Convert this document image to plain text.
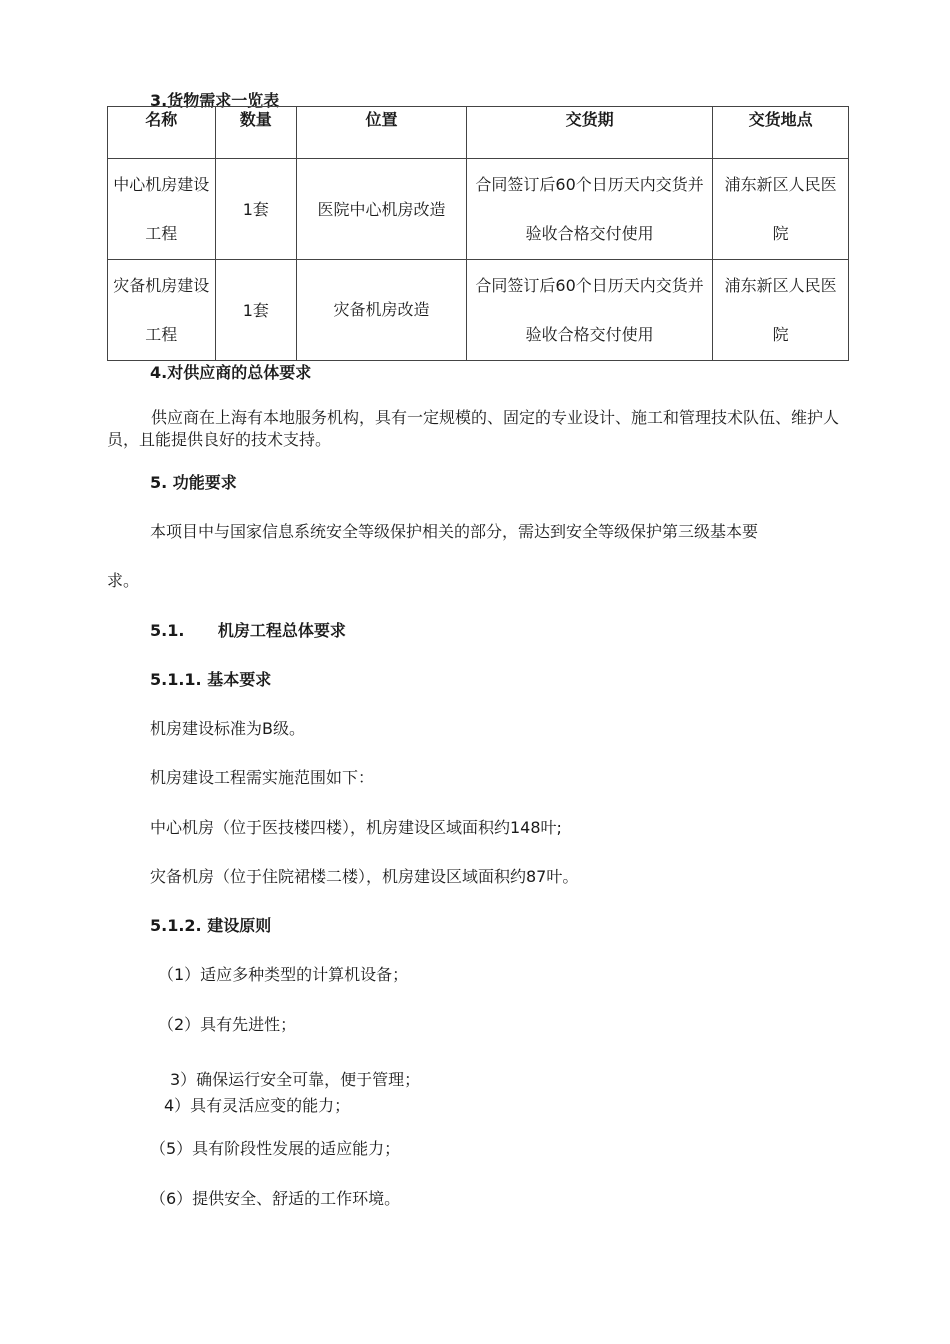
3.货物需求一览表
名称	数量	位置	交货期	交货地点
中心机房建设工程	1套	医院中心机房改造	合同签订后60个日历天内交货并验收合格交付使用	浦东新区人民医院
灾备机房建设工程	1套	灾备机房改造	合同签订后60个日历天内交货并验收合格交付使用	浦东新区人民医院
4.对供应商的总体要求
供应商在上海有本地服务机构，具有一定规模的、固定的专业设计、施工和管理技术队伍、维护人员，且能提供良好的技术支持。
5. 功能要求
本项目中与国家信息系统安全等级保护相关的部分，需达到安全等级保护第三级基本要
求。
5.1.      机房工程总体要求
5.1.1. 基本要求
机房建设标准为B级。
机房建设工程需实施范围如下：
中心机房（位于医技楼四楼），机房建设区域面积约148叶;
灾备机房（位于住院裙楼二楼），机房建设区域面积约87叶。
5.1.2. 建设原则
（1）适应多种类型的计算机设备；
（2）具有先进性；
3）确保运行安全可靠，便于管理；
4）具有灵活应变的能力；
（5）具有阶段性发展的适应能力；
（6）提供安全、舒适的工作环境。
